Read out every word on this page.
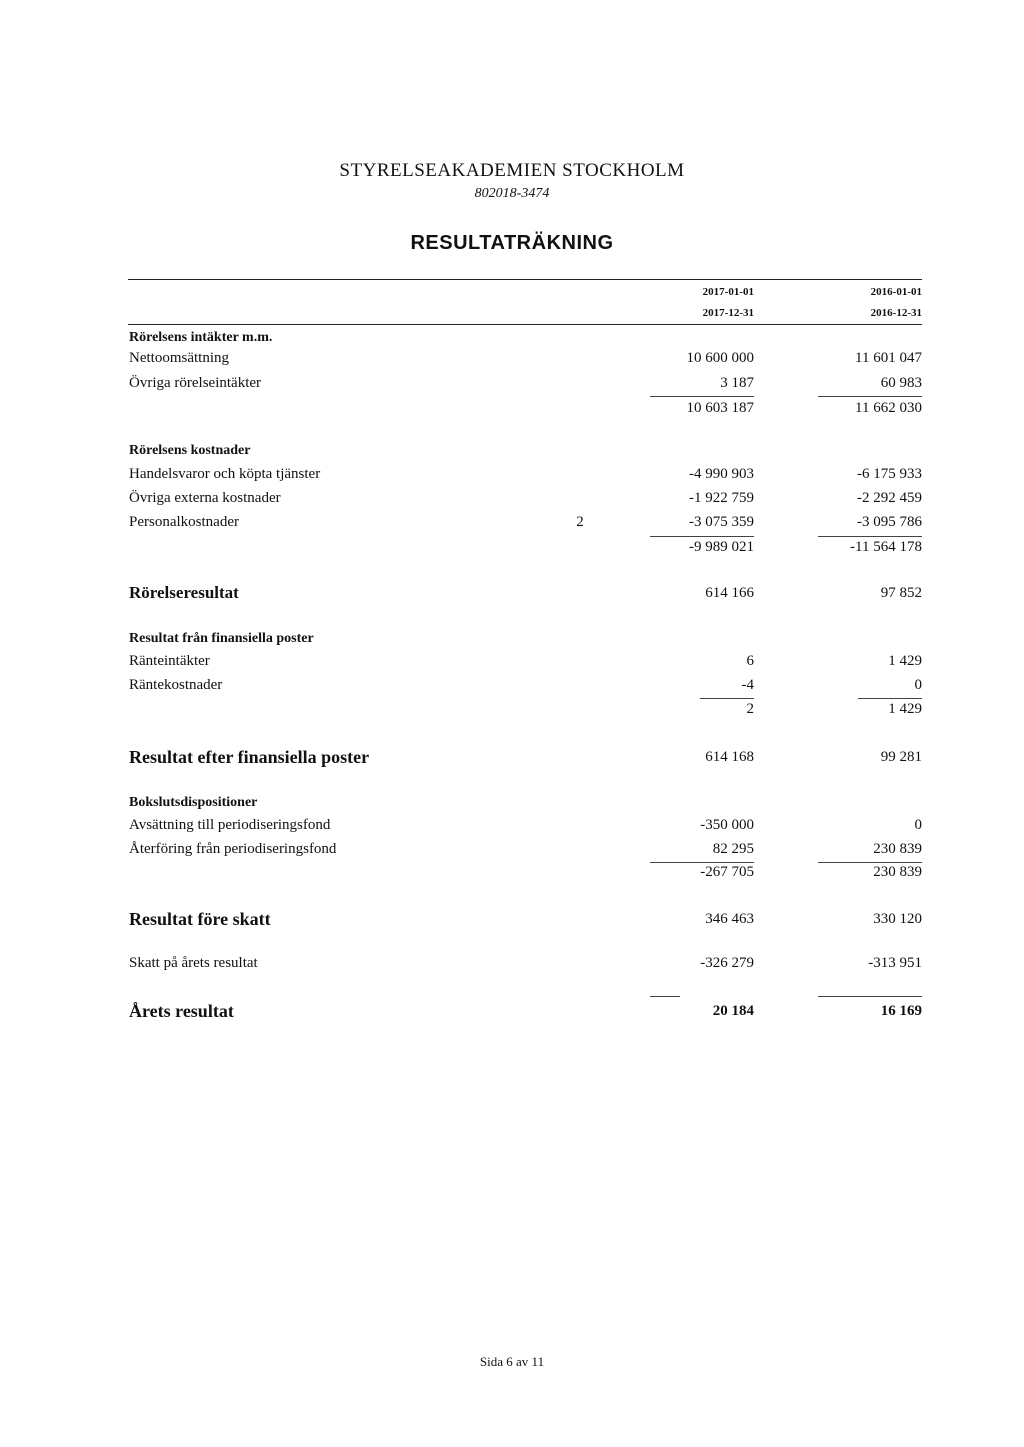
STYRELSEAKADEMIEN STOCKHOLM
802018-3474
RESULTATRÄKNING
2017-01-01	2016-01-01
2017-12-31	2016-12-31
Rörelsens intäkter m.m.
Nettoomsättning	10 600 000	11 601 047
Övriga rörelseintäkter	3 187	60 983
10 603 187	11 662 030
Rörelsens kostnader
Handelsvaror och köpta tjänster	-4 990 903	-6 175 933
Övriga externa kostnader	-1 922 759	-2 292 459
Personalkostnader	2	-3 075 359	-3 095 786
-9 989 021	-11 564 178
Rörelseresultat	614 166	97 852
Resultat från finansiella poster
Ränteintäkter	6	1 429
Räntekostnader	-4	0
2	1 429
Resultat efter finansiella poster	614 168	99 281
Bokslutsdispositioner
Avsättning till periodiseringsfond	-350 000	0
Återföring från periodiseringsfond	82 295	230 839
-267 705	230 839
Resultat före skatt	346 463	330 120
Skatt på årets resultat	-326 279	-313 951
Årets resultat	20 184	16 169
Sida 6 av 11
